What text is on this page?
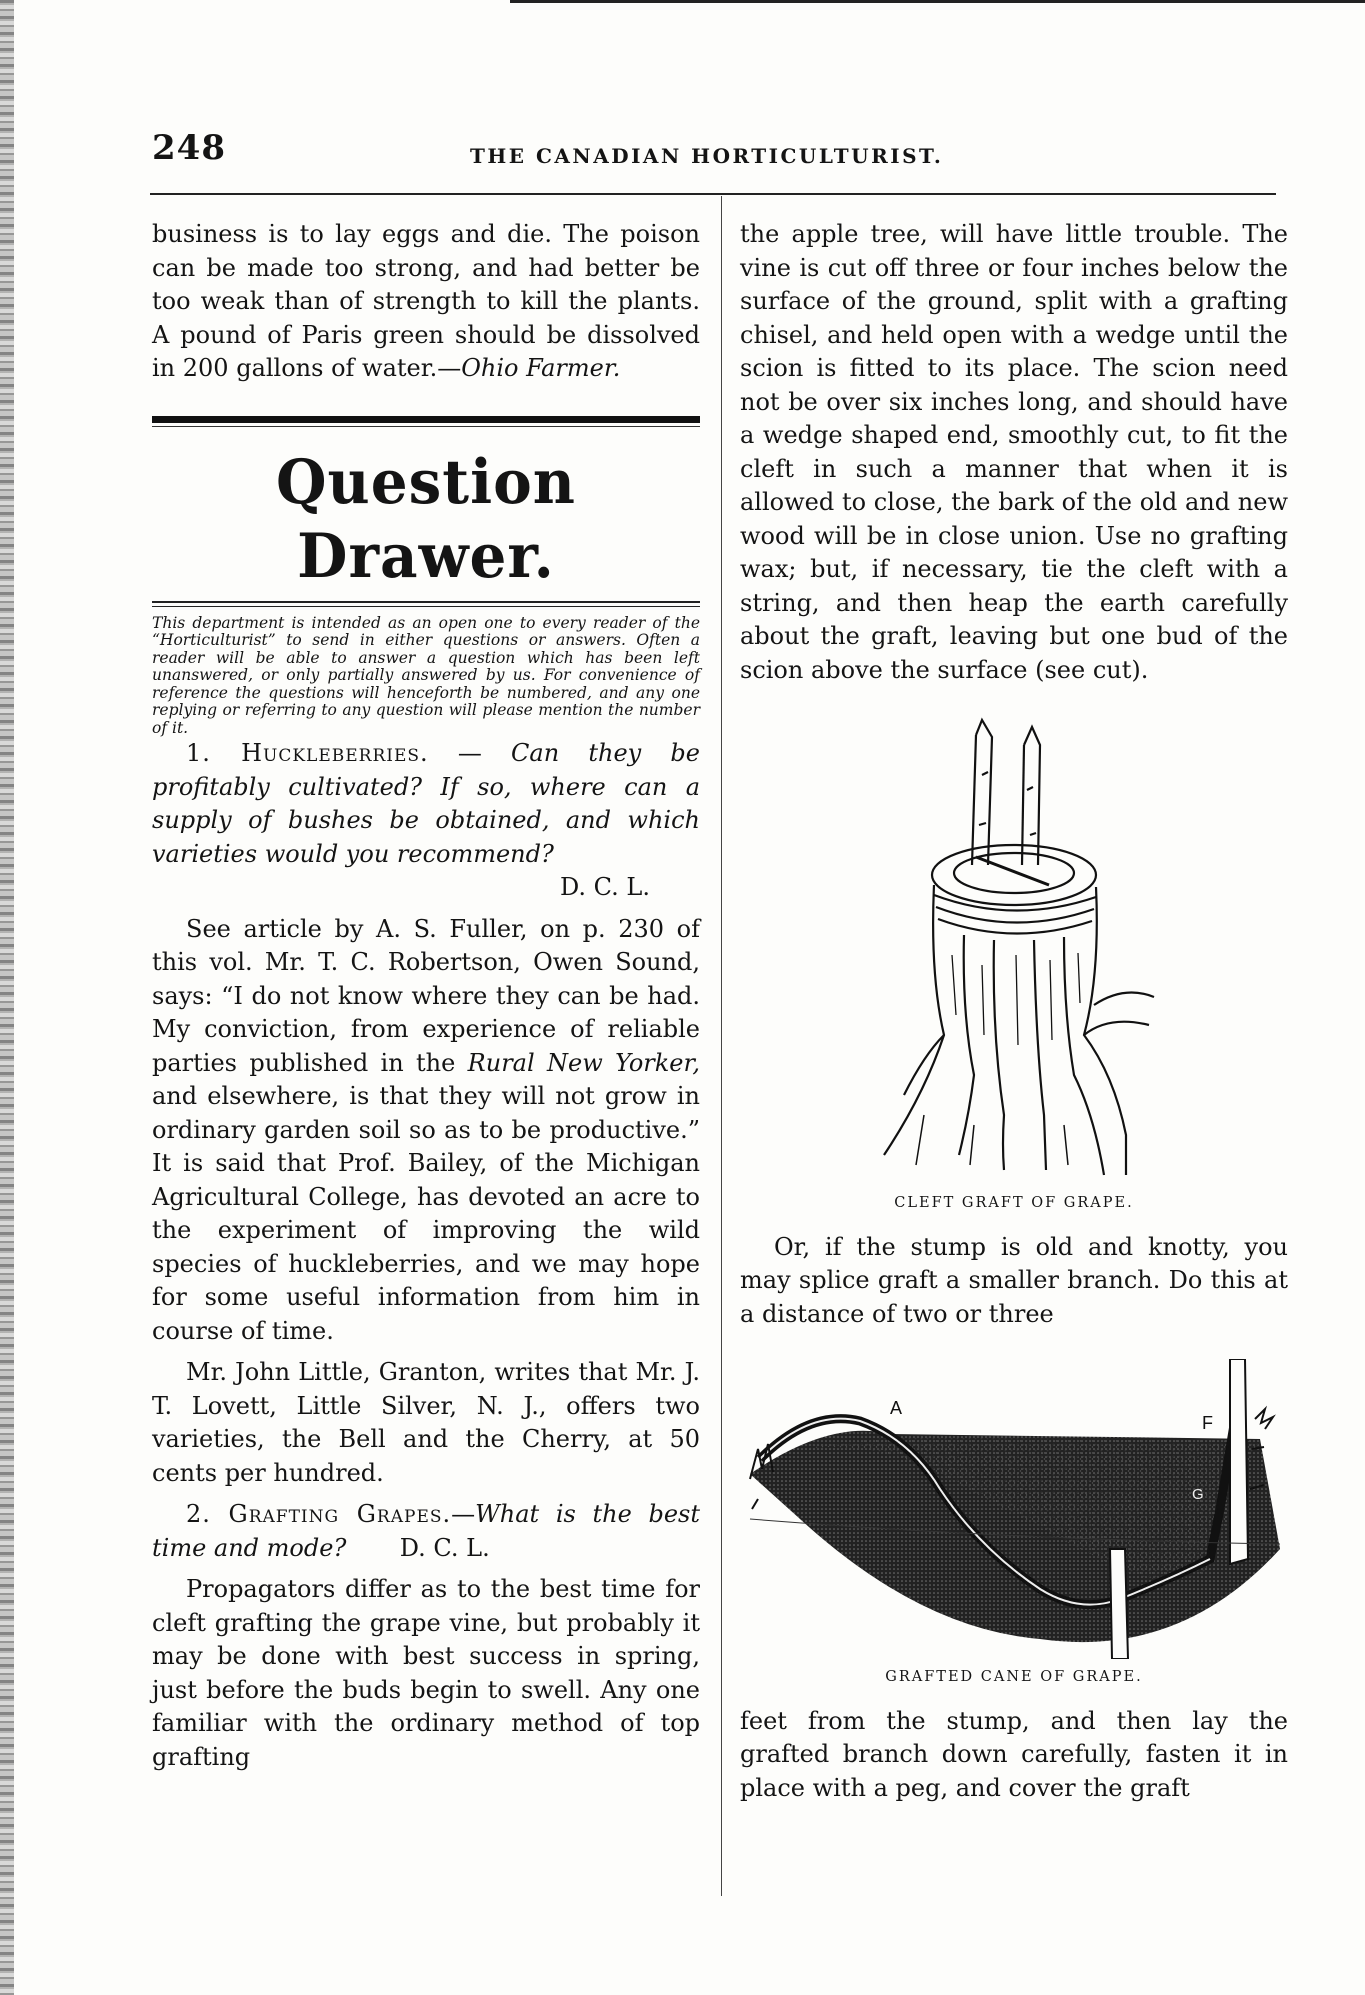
248	THE CANADIAN HORTICULTURIST.

business is to lay eggs and die. The poison can be made too strong, and had better be too weak than of strength to kill the plants. A pound of Paris green should be dissolved in 200 gallons of water.—Ohio Farmer.

Question Drawer.

This department is intended as an open one to every reader of the “Horticulturist” to send in either questions or answers. Often a reader will be able to answer a question which has been left unanswered, or only partially answered by us. For convenience of reference the questions will henceforth be numbered, and any one replying or referring to any question will please mention the number of it.

1. Huckleberries. — Can they be profitably cultivated? If so, where can a supply of bushes be obtained, and which varieties would you recommend?
D. C. L.

See article by A. S. Fuller, on p. 230 of this vol. Mr. T. C. Robertson, Owen Sound, says: “I do not know where they can be had. My conviction, from experience of reliable parties published in the Rural New Yorker, and elsewhere, is that they will not grow in ordinary garden soil so as to be productive.” It is said that Prof. Bailey, of the Michigan Agricultural College, has devoted an acre to the experiment of improving the wild species of huckleberries, and we may hope for some useful information from him in course of time.

Mr. John Little, Granton, writes that Mr. J. T. Lovett, Little Silver, N. J., offers two varieties, the Bell and the Cherry, at 50 cents per hundred.

2. Grafting Grapes.—What is the best time and mode? D. C. L.

Propagators differ as to the best time for cleft grafting the grape vine, but probably it may be done with best success in spring, just before the buds begin to swell. Any one familiar with the ordinary method of top grafting

the apple tree, will have little trouble. The vine is cut off three or four inches below the surface of the ground, split with a grafting chisel, and held open with a wedge until the scion is fitted to its place. The scion need not be over six inches long, and should have a wedge shaped end, smoothly cut, to fit the cleft in such a manner that when it is allowed to close, the bark of the old and new wood will be in close union. Use no grafting wax; but, if necessary, tie the cleft with a string, and then heap the earth carefully about the graft, leaving but one bud of the scion above the surface (see cut).

CLEFT GRAFT OF GRAPE.

Or, if the stump is old and knotty, you may splice graft a smaller branch. Do this at a distance of two or three

A
F
G
GRAFTED CANE OF GRAPE.

feet from the stump, and then lay the grafted branch down carefully, fasten it in place with a peg, and cover the graft
